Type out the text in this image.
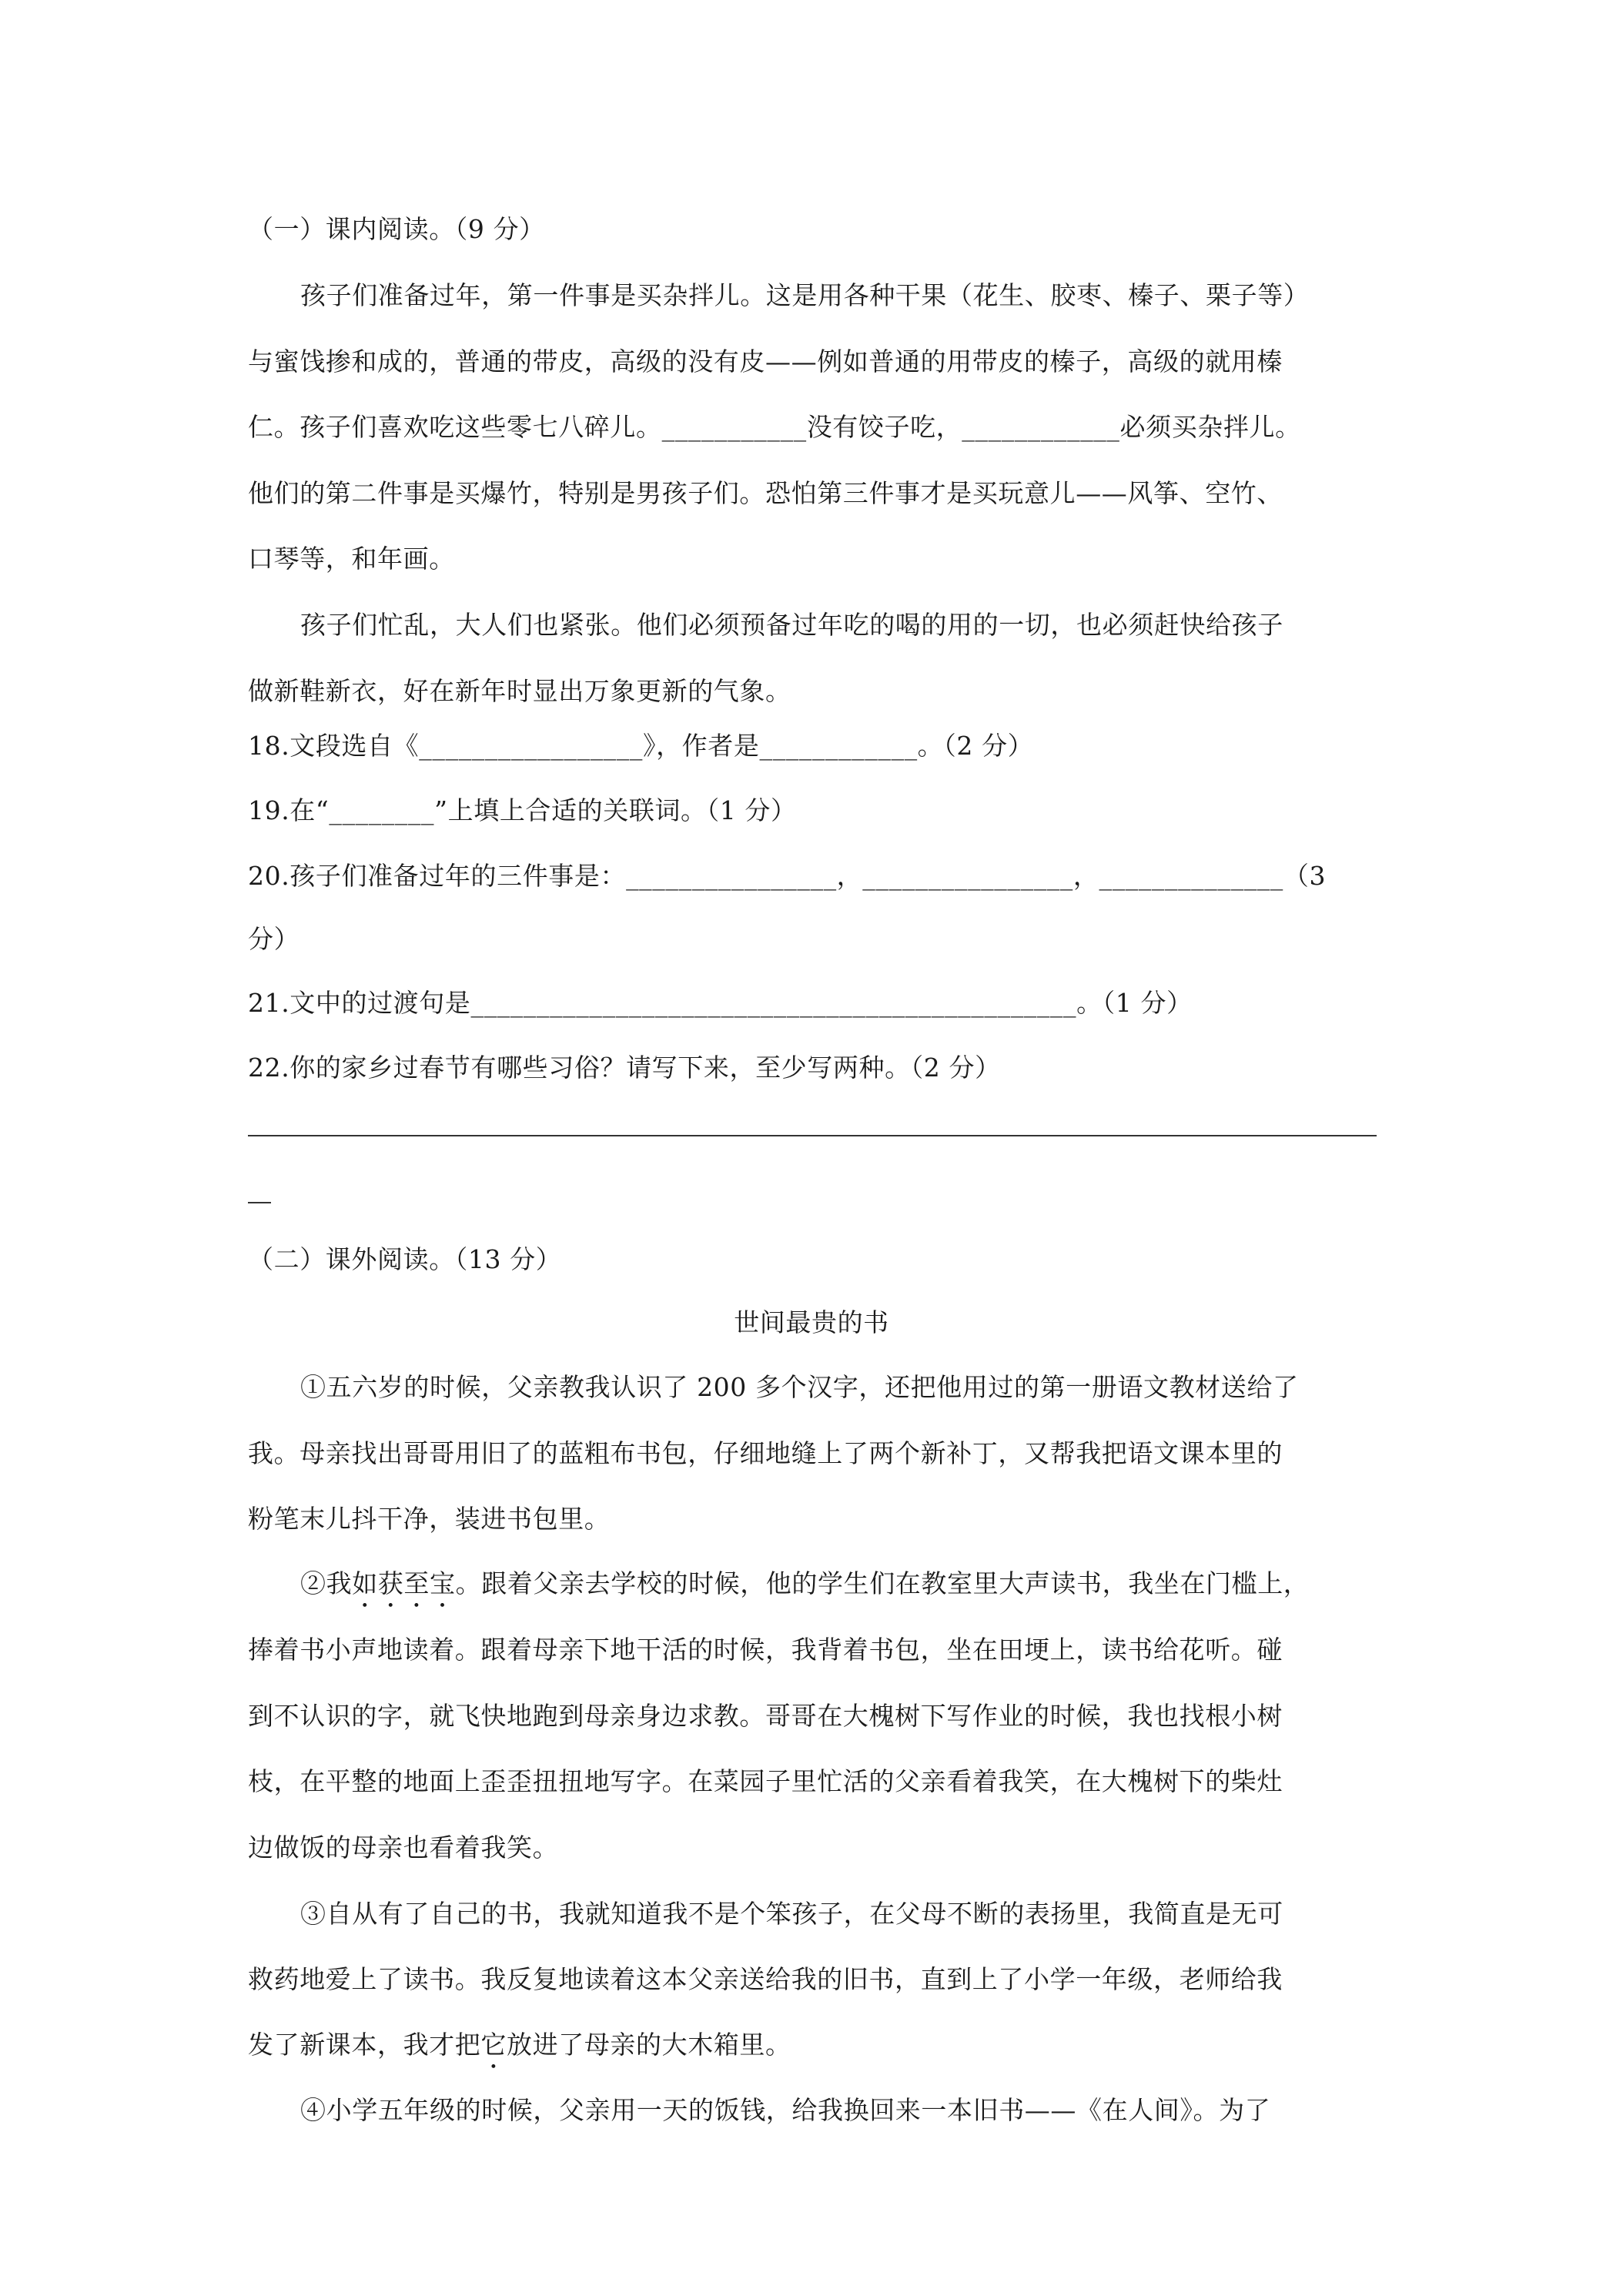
（一）课内阅读。（9 分）
孩子们准备过年，第一件事是买杂拌儿。这是用各种干果（花生、胶枣、榛子、栗子等）
与蜜饯掺和成的，普通的带皮，高级的没有皮——例如普通的用带皮的榛子，高级的就用榛
仁。孩子们喜欢吃这些零七八碎儿。___________没有饺子吃，____________必须买杂拌儿。
他们的第二件事是买爆竹，特别是男孩子们。恐怕第三件事才是买玩意儿——风筝、空竹、
口琴等，和年画。
孩子们忙乱，大人们也紧张。他们必须预备过年吃的喝的用的一切，也必须赶快给孩子
做新鞋新衣，好在新年时显出万象更新的气象。
18.文段选自《_________________》，作者是____________。（2 分）
19.在“________”上填上合适的关联词。（1 分）
20.孩子们准备过年的三件事是：________________，________________，______________（3
分）
21.文中的过渡句是______________________________________________。（1 分）
22.你的家乡过春节有哪些习俗？请写下来，至少写两种。（2 分）
（二）课外阅读。（13 分）
世间最贵的书
①五六岁的时候，父亲教我认识了 200 多个汉字，还把他用过的第一册语文教材送给了
我。母亲找出哥哥用旧了的蓝粗布书包，仔细地缝上了两个新补丁，又帮我把语文课本里的
粉笔末儿抖干净，装进书包里。
②我如获至宝。跟着父亲去学校的时候，他的学生们在教室里大声读书，我坐在门槛上，
捧着书小声地读着。跟着母亲下地干活的时候，我背着书包，坐在田埂上，读书给花听。碰
到不认识的字，就飞快地跑到母亲身边求教。哥哥在大槐树下写作业的时候，我也找根小树
枝，在平整的地面上歪歪扭扭地写字。在菜园子里忙活的父亲看着我笑，在大槐树下的柴灶
边做饭的母亲也看着我笑。
③自从有了自己的书，我就知道我不是个笨孩子，在父母不断的表扬里，我简直是无可
救药地爱上了读书。我反复地读着这本父亲送给我的旧书，直到上了小学一年级，老师给我
发了新课本，我才把它放进了母亲的大木箱里。
④小学五年级的时候，父亲用一天的饭钱，给我换回来一本旧书——《在人间》。为了
